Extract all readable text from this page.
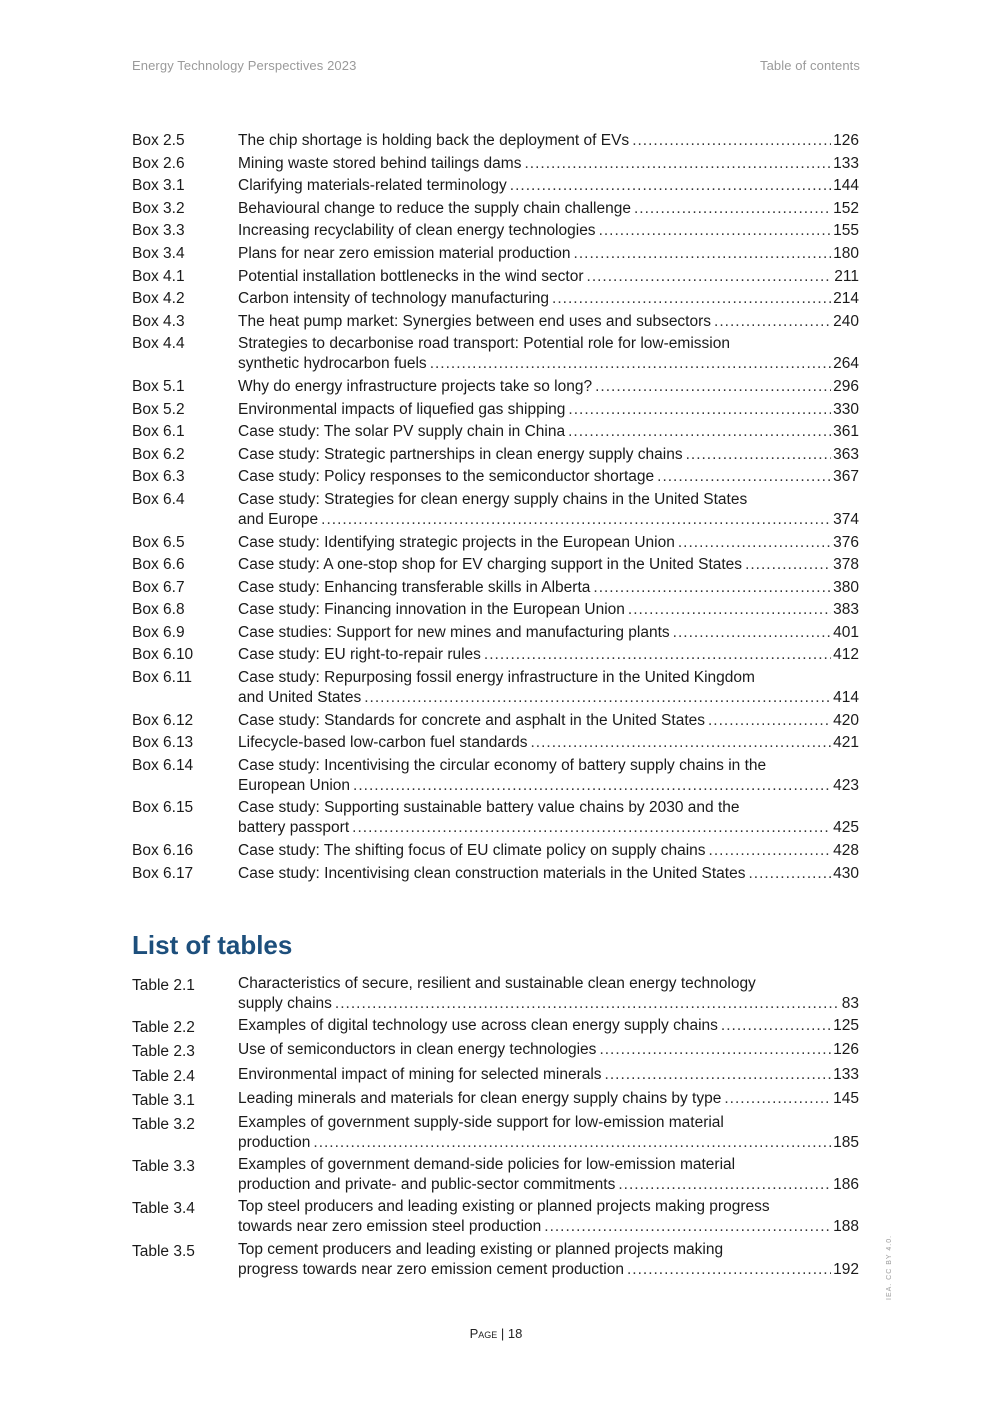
Energy Technology Perspectives 2023	Table of contents
Box 2.5	The chip shortage is holding back the deployment of EVs .....	126
Box 2.6	Mining waste stored behind tailings dams .....	133
Box 3.1	Clarifying materials-related terminology .....	144
Box 3.2	Behavioural change to reduce the supply chain challenge .....	152
Box 3.3	Increasing recyclability of clean energy technologies .....	155
Box 3.4	Plans for near zero emission material production .....	180
Box 4.1	Potential installation bottlenecks in the wind sector .....	211
Box 4.2	Carbon intensity of technology manufacturing .....	214
Box 4.3	The heat pump market: Synergies between end uses and subsectors .....	240
Box 4.4	Strategies to decarbonise road transport: Potential role for low-emission
synthetic hydrocarbon fuels .....	264
Box 5.1	Why do energy infrastructure projects take so long? .....	296
Box 5.2	Environmental impacts of liquefied gas shipping .....	330
Box 6.1	Case study: The solar PV supply chain in China .....	361
Box 6.2	Case study: Strategic partnerships in clean energy supply chains .....	363
Box 6.3	Case study: Policy responses to the semiconductor shortage .....	367
Box 6.4	Case study: Strategies for clean energy supply chains in the United States
and Europe .....	374
Box 6.5	Case study: Identifying strategic projects in the European Union .....	376
Box 6.6	Case study: A one-stop shop for EV charging support in the United States .....	378
Box 6.7	Case study: Enhancing transferable skills in Alberta .....	380
Box 6.8	Case study: Financing innovation in the European Union .....	383
Box 6.9	Case studies: Support for new mines and manufacturing plants .....	401
Box 6.10	Case study: EU right-to-repair rules .....	412
Box 6.11	Case study: Repurposing fossil energy infrastructure in the United Kingdom
and United States .....	414
Box 6.12	Case study: Standards for concrete and asphalt in the United States .....	420
Box 6.13	Lifecycle-based low-carbon fuel standards .....	421
Box 6.14	Case study: Incentivising the circular economy of battery supply chains in the
European Union .....	423
Box 6.15	Case study: Supporting sustainable battery value chains by 2030 and the
battery passport .....	425
Box 6.16	Case study: The shifting focus of EU climate policy on supply chains .....	428
Box 6.17	Case study: Incentivising clean construction materials in the United States .....	430
List of tables
Table 2.1	Characteristics of secure, resilient and sustainable clean energy technology
supply chains .....	83
Table 2.2	Examples of digital technology use across clean energy supply chains .....	125
Table 2.3	Use of semiconductors in clean energy technologies .....	126
Table 2.4	Environmental impact of mining for selected minerals .....	133
Table 3.1	Leading minerals and materials for clean energy supply chains by type .....	145
Table 3.2	Examples of government supply-side support for low-emission material
production .....	185
Table 3.3	Examples of government demand-side policies for low-emission material
production and private- and public-sector commitments .....	186
Table 3.4	Top steel producers and leading existing or planned projects making progress
towards near zero emission steel production .....	188
Table 3.5	Top cement producers and leading existing or planned projects making
progress towards near zero emission cement production .....	192
Page | 18
IEA. CC BY 4.0.
